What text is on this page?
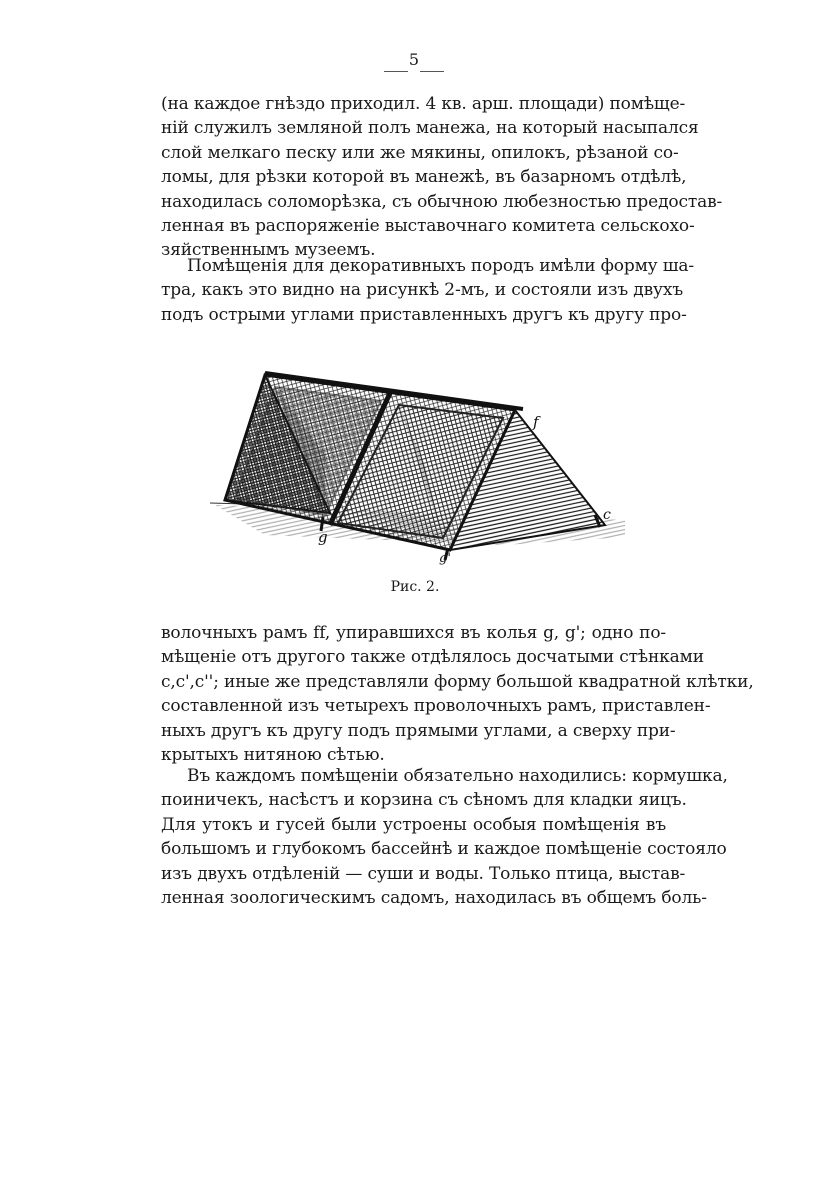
5
(на каждое гнѣздо приходил. 4 кв. арш. площади) помѣще-
нiй служилъ земляной полъ манежа, на который насыпался
слой мелкаго песку или же мякины, опилокъ, рѣзаной со-
ломы, для рѣзки которой въ манежѣ, въ базарномъ отдѣлѣ,
находилась соломорѣзка, съ обычною любезностью предостав-
ленная въ распоряженiе выставочнаго комитета сельскохо-
зяйственнымъ музеемъ.
Помѣщенiя для декоративныхъ породъ имѣли форму ша-
тра, какъ это видно на рисункѣ 2-мъ, и состояли изъ двухъ
подъ острыми углами приставленныхъ другъ къ другу про-
f
g
g'
c
Рис. 2.
волочныхъ рамъ ff, упиравшихся въ колья g, g'; одно по-
мѣщенiе отъ другого также отдѣлялось досчатыми стѣнками
c,c',c''; иные же представляли форму большой квадратной клѣтки,
составленной изъ четырехъ проволочныхъ рамъ, приставлен-
ныхъ другъ къ другу подъ прямыми углами, а сверху при-
крытыхъ нитяною сѣтью.
Въ каждомъ помѣщенiи обязательно находились: кормушка,
поиничекъ, насѣстъ и корзина съ сѣномъ для кладки яицъ.
Для утокъ и гусей были устроены особыя помѣщенiя въ
большомъ и глубокомъ бассейнѣ и каждое помѣщенiе состояло
изъ двухъ отдѣленiй — суши и воды. Только птица, выстав-
ленная зоологическимъ садомъ, находилась въ общемъ боль-
